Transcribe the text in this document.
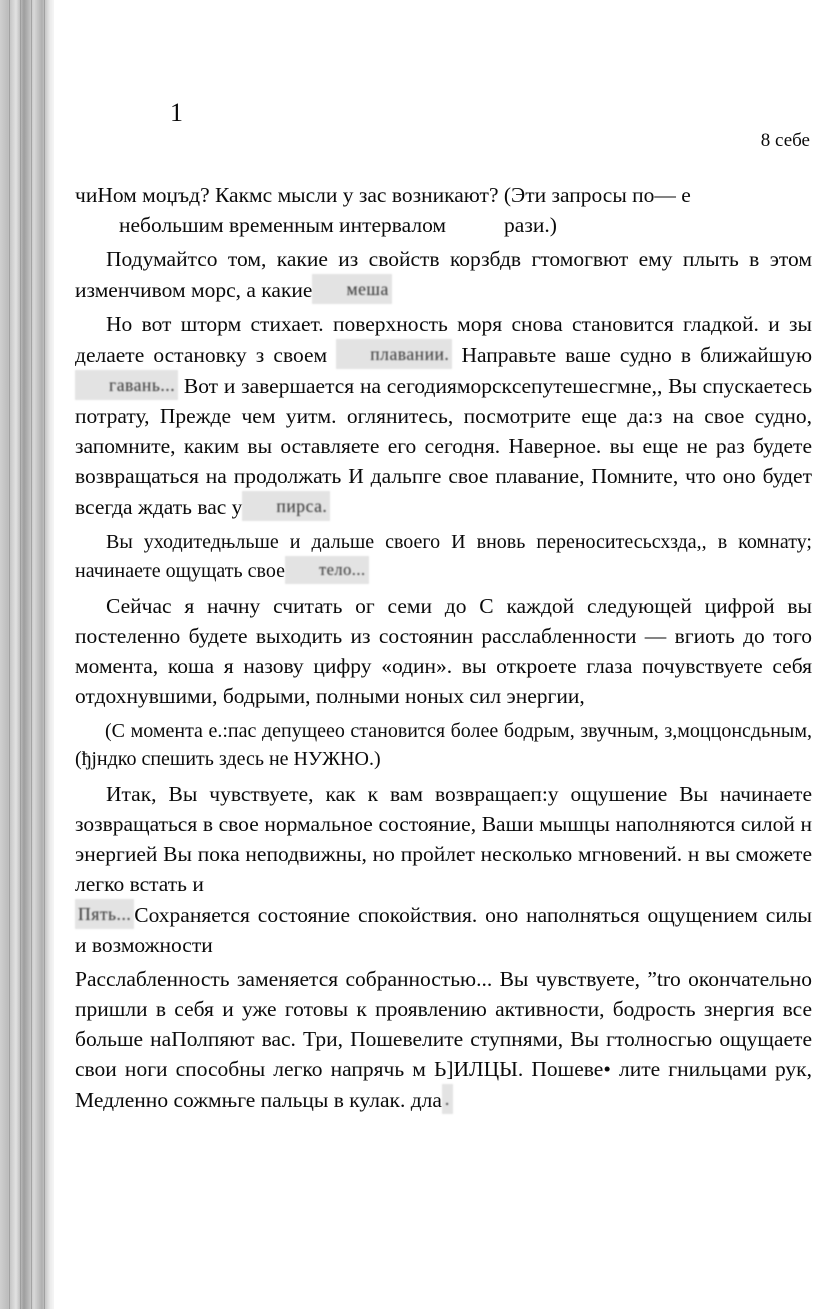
1
8 себе

чиНом моџъд? Какмс мысли у зас возникают? (Эти запросы по— е
небольшим временным интервалом	рази.)

Подумайтсо том, какие из свойств корзбдв гтомогвют ему плыть в этом изменчивом морс, а какие меша

Но вот шторм стихает. поверхность моря снова становится гладкой. и зы делаете остановку з своем плавании. Направьте ваше судно в ближайшую гавань... Вот и завершается на сегодияморскcепутешесгмне,, Вы спускаетесь потрату, Прежде чем уитм. оглянитесь, посмотрите еще да:з на свое судно, запомните, каким вы оставляете его сегодня. Наверное. вы еще не раз будете возвращаться на продолжать И дальпге свое плавание, Помните, что оно будет всегда ждать вас у пирса.

Вы уходитедњльше и дальше своего И вновь переноситесьсхзда,, в комнату; начинаете ощущать свое тело...

Сейчас я начну считать ог семи до С каждой следующей цифрой вы постеленно будете выходить из состоянин расслабленности — вгиоть до того момента, коша я назову цифру «один». вы откроете глаза почувствуете себя отдохнувшими, бодрыми, полными ноных сил энергии,

(С момента е.:пас депущеео становится более бодрым, звучным, з,моццонсдьным, (ђјндко спешить здесь не НУЖНО.)

Итак, Вы чувствуете, как к вам возвращаеп:у ощушение Вы начинаете зозвращаться в свое нормальное состояние, Ваши мышцы наполняются силой н энергией Вы пока неподвижны, но пройлет несколько мгновений. н вы сможете легко встать и

Пять... Сохраняется состояние спокойствия. оно наполняться ощущением силы и возможности

Расслабленность заменяется собранностью... Вы чувствуете, ”tro окончательно пришли в себя и уже готовы к проявлению активности, бодрость знергия все больше наПолпяют вас. Три, Пошевелите ступнями, Вы гтолносгью ощущаете свои ноги способны легко напрячь м Ь]ИЛЦЫ. Пошеве• лите гнильцами рук, Медленно сожмњге пальцы в кулак. дла .
